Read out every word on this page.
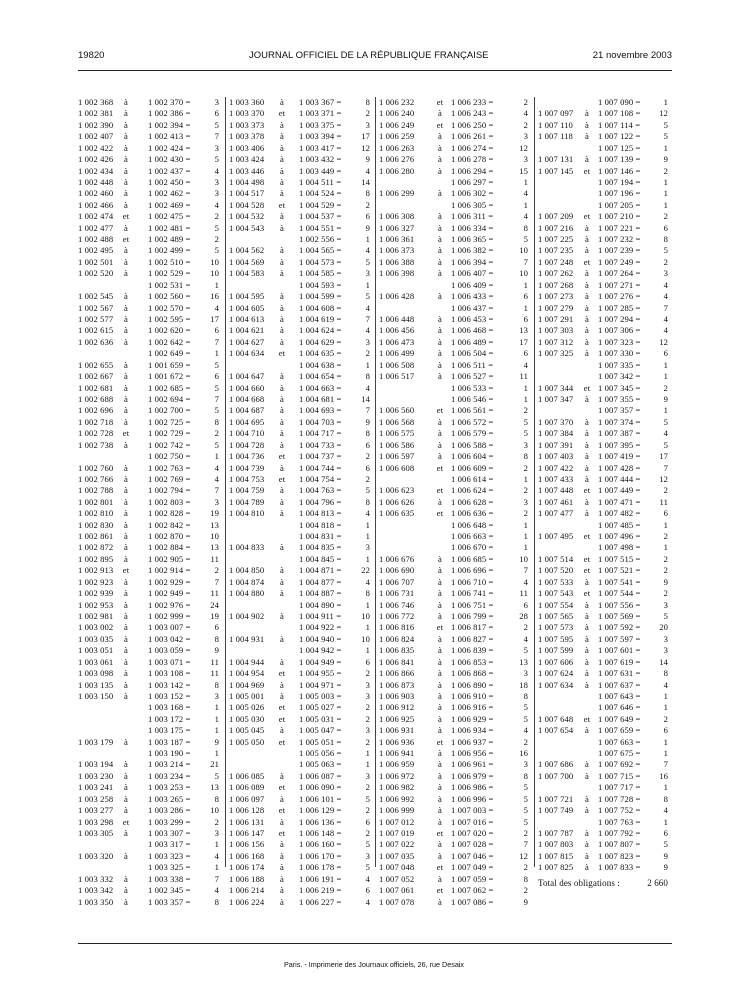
19820	JOURNAL OFFICIEL DE LA RÉPUBLIQUE FRANÇAISE	21 novembre 2003
1 002 368	à	1 002 370 =	3
1 002 381	à	1 002 386 =	6
1 002 390	à	1 002 394 =	5
1 002 407	à	1 002 413 =	7
1 002 422	à	1 002 424 =	3
1 002 426	à	1 002 430 =	5
1 002 434	à	1 002 437 =	4
1 002 448	à	1 002 450 =	3
1 002 460	à	1 002 462 =	3
1 002 466	à	1 002 469 =	4
1 002 474	et	1 002 475 =	2
1 002 477	à	1 002 481 =	5
1 002 488	et	1 002 489 =	2
1 002 495	à	1 002 499 =	5
1 002 501	à	1 002 510 = 10
1 002 520	à	1 002 529 = 10
1 002 531 =	1
1 002 545	à	1 002 560 = 16
1 002 567	à	1 002 570 =	4
1 002 577	à	1 002 595 = 17
1 002 615	à	1 002 620 =	6
1 002 636	à	1 002 642 =	7
1 002 649 =	1
1 002 655	à	1 001 659 =	5
1 002 667	à	1 001 672 =	6
1 002 681	à	1 002 685 =	5
1 002 688	à	1 002 694 =	7
1 002 696	à	1 002 700 =	5
1 002 718	à	1 002 725 =	8
1 002 728	et	1 002 729 =	2
1 002 738	à	1 002 742 =	5
1 002 750 =	1
1 002 760	à	1 002 763 =	4
1 002 766	à	1 002 769 =	4
1 002 788	à	1 002 794 =	7
1 002 801	à	1 002 803 =	3
1 002 810	à	1 002 828 = 19
1 002 830	à	1 002 842 = 13
1 002 861	à	1 002 870 = 10
1 002 872	à	1 002 884 = 13
1 002 895	à	1 002 905 = 11
1 002 913	et	1 002 914 =	2
1 002 923	à	1 002 929 =	7
1 002 939	à	1 002 949 = 11
1 002 953	à	1 002 976 = 24
1 002 981	à	1 002 999 = 19
1 003 002	à	1 003 007 =	6
1 003 035	à	1 003 042 =	8
1 003 051	à	1 003 059 =	9
1 003 061	à	1 003 071 = 11
1 003 098	à	1 003 108 = 11
1 003 135	à	1 003 142 =	8
1 003 150	à	1 003 152 =	3
1 003 168 =	1
1 003 172 =	1
1 003 175 =	1
1 003 179	à	1 003 187 =	9
1 003 190 =	1
1 003 194	à	1 003 214 = 21
1 003 230	à	1 003 234 =	5
1 003 241	à	1 003 253 = 13
1 003 258	à	1 003 265 =	8
1 003 277	à	1 003 286 = 10
1 003 298	et	1 003 299 =	2
1 003 305	à	1 003 307 =	3
1 003 317 =	1
1 003 320	à	1 003 323 =	4
1 003 325 =	1
1 003 332	à	1 003 338 =	7
1 003 342	à	1 002 345 =	4
1 003 350	à	1 003 357 =	8
1 003 360	à	1 003 367 =	8
1 003 370	et	1 003 371 =	2
1 003 373	à	1 003 375 =	3
1 003 378	à	1 003 394 = 17
1 003 406	à	1 003 417 = 12
1 003 424	à	1 003 432 =	9
1 003 446	à	1 003 449 =	4
1 004 498	à	1 004 511 = 14
1 004 517	à	1 004 524 =	8
1 004 528	et	1 004 529 =	2
1 004 532	à	1 004 537 =	6
1 004 543	à	1 004 551 =	9
1 002 556 =	1
1 004 562	à	1 004 565 =	4
1 004 569	à	1 004 573 =	5
1 004 583	à	1 004 585 =	3
1 004 593 =	1
1 004 595	à	1 004 599 =	5
1 004 605	à	1 004 608 =	4
1 004 613	à	1 004 619 =	7
1 004 621	à	1 004 624 =	4
1 004 627	à	1 004 629 =	3
1 004 634	et	1 004 635 =	2
1 004 638 =	1
1 004 647	à	1 004 654 =	8
1 004 660	à	1 004 663 =	4
1 004 668	à	1 004 681 = 14
1 004 687	à	1 004 693 =	7
1 004 695	à	1 004 703 =	9
1 004 710	à	1 004 717 =	8
1 004 728	à	1 004 733 =	6
1 004 736	et	1 004 737 =	2
1 004 739	à	1 004 744 =	6
1 004 753	et	1 004 754 =	2
1 004 759	à	1 004 763 =	5
1 004 789	à	1 004 796 =	8
1 004 810	à	1 004 813 =	4
1 004 818 =	1
1 004 831 =	1
1 004 833	à	1 004 835 =	3
1 004 845 =	1
1 004 850	à	1 004 871 = 22
1 004 874	à	1 004 877 =	4
1 004 880	à	1 004 887 =	8
1 004 890 =	1
1 004 902	à	1 004 911 = 10
1 004 922 =	1
1 004 931	à	1 004 940 = 10
1 004 942 =	1
1 004 944	à	1 004 949 =	6
1 004 954	et	1 004 955 =	2
1 004 969	à	1 004 971 =	3
1 005 001	à	1 005 003 =	3
1 005 026	et	1 005 027 =	2
1 005 030	et	1 005 031 =	2
1 005 045	à	1 005 047 =	3
1 005 050	et	1 005 051 =	2
1 005 056 =	1
1 005 063 =	1
1 006 085	à	1 006 087 =	3
1 006 089	et	1 006 090 =	2
1 006 097	à	1 006 101 =	5
1 006 128	et	1 006 129 =	2
1 006 131	à	1 006 136 =	6
1 006 147	et	1 006 148 =	2
1 006 156	à	1 006 160 =	5
1 006 168	à	1 006 170 =	3
1 006 174	à	1 006 178 =	5
1 006 188	à	1 006 191 =	4
1 006 214	à	1 006 219 =	6
1 006 224	à	1 006 227 =	4
1 006 232	et 1 006 233 =	2
1 006 240	à	1 006 243 =	4
1 006 249	et 1 006 250 =	2
1 006 259	à	1 006 261 =	3
1 006 263	à	1 006 274 =	12
1 006 276	à	1 006 278 =	3
1 006 280	à	1 006 294 =	15
1 006 297 =	1
1 006 299	à	1 006 302 =	4
1 006 305 =	1
1 006 308	à	1 006 311 =	4
1 006 327	à	1 006 334 =	8
1 006 361	à	1 006 365 =	5
1 006 373	à	1 006 382 =	10
1 006 388	à	1 006 394 =	7
1 006 398	à	1 006 407 =	10
1 006 409 =	1
1 006 428	à	1 006 433 =	6
1 006 437 =	1
1 006 448	à	1 006 453 =	6
1 006 456	à	1 006 468 =	13
1 006 473	à	1 006 489 =	17
1 006 499	à	1 006 504 =	6
1 006 508	à	1 006 511 =	4
1 006 517	à	1 006 527 =	11
1 006 533 =	1
1 006 546 =	1
1 006 560	et 1 006 561 =	2
1 006 568	à	1 006 572 =	5
1 006 575	à	1 006 579 =	5
1 006 586	à	1 006 588 =	3
1 006 597	à	1 006 604 =	8
1 006 608	et 1 006 609 =	2
1 006 614 =	1
1 006 623	et 1 006 624 =	2
1 006 626	à	1 006 628 =	3
1 006 635	et 1 006 636 =	2
1 006 648 =	1
1 006 663 =	1
1 006 670 =	1
1 006 676	à	1 006 685 =	10
1 006 690	à	1 006 696 =	7
1 006 707	à	1 006 710 =	4
1 006 731	à	1 006 741 =	11
1 006 746	à	1 006 751 =	6
1 006 772	à	1 006 799 =	28
1 006 816	et 1 006 817 =	2
1 006 824	à	1 006 827 =	4
1 006 835	à	1 006 839 =	5
1 006 841	à	1 006 853 =	13
1 006 866	à	1 006 868 =	3
1 006 873	à	1 006 890 =	18
1 006 903	à	1 006 910 =	8
1 006 912	à	1 006 916 =	5
1 006 925	à	1 006 929 =	5
1 006 931	à	1 006 934 =	4
1 006 936	et 1 006 937 =	2
1 006 941	à	1 006 956 =	16
1 006 959	à	1 006 961 =	3
1 006 972	à	1 006 979 =	8
1 006 982	à	1 006 986 =	5
1 006 992	à	1 006 996 =	5
1 006 999	à	1 007 003 =	5
1 007 012	à	1 007 016 =	5
1 007 019	et 1 007 020 =	2
1 007 022	à	1 007 028 =	7
1 007 035	à	1 007 046 =	12
1 007 048	et 1 007 049 =	2
1 007 052	à	1 007 059 =	8
1 007 061	et 1 007 062 =	2
1 007 078	à	1 007 086 =	9
1 007 090 =	1
1 007 097	à	1 007 108 = 12
1 007 110	à	1 007 114 =	5
1 007 118	à	1 007 122 =	5
1 007 125 =	1
1 007 131	à	1 007 139 =	9
1 007 145	et 1 007 146 =	2
1 007 194 =	1
1 007 196 =	1
1 007 205 =	1
1 007 209	et 1 007 210 =	2
1 007 216	à	1 007 221 =	6
1 007 225	à	1 007 232 =	8
1 007 235	à	1 007 239 =	5
1 007 248	et 1 007 249 =	2
1 007 262	à	1 007 264 =	3
1 007 268	à	1 007 271 =	4
1 007 273	à	1 007 276 =	4
1 007 279	à	1 007 285 =	7
1 007 291	à	1 007 294 =	4
1 007 303	à	1 007 306 =	4
1 007 312	à	1 007 323 = 12
1 007 325	à	1 007 330 =	6
1 007 335 =	1
1 007 342 =	1
1 007 344	et 1 007 345 =	2
1 007 347	à	1 007 355 =	9
1 007 357 =	1
1 007 370	à	1 007 374 =	5
1 007 384	à	1 007 387 =	4
1 007 391	à	1 007 395 =	5
1 007 403	à	1 007 419 = 17
1 007 422	à	1 007 428 =	7
1 007 433	à	1 007 444 = 12
1 007 448	et 1 007 449 =	2
1 007 461	à	1 007 471 = 11
1 007 477	à	1 007 482 =	6
1 007 485 =	1
1 007 495	et 1 007 496 =	2
1 007 498 =	1
1 007 514	et 1 007 515 =	2
1 007 520	et 1 007 521 =	2
1 007 533	à	1 007 541 =	9
1 007 543	et 1 007 544 =	2
1 007 554	à	1 007 556 =	3
1 007 565	à	1 007 569 =	5
1 007 573	à	1 007 592 = 20
1 007 595	à	1 007 597 =	3
1 007 599	à	1 007 601 =	3
1 007 606	à	1 007 619 = 14
1 007 624	à	1 007 631 =	8
1 007 634	à	1 007 637 =	4
1 007 643 =	1
1 007 646 =	1
1 007 648	et 1 007 649 =	2
1 007 654	à	1 007 659 =	6
1 007 663 =	1
1 007 675 =	1
1 007 686	à	1 007 692 =	7
1 007 700	à	1 007 715 = 16
1 007 717 =	1
1 007 721	à	1 007 728 =	8
1 007 749	à	1 007 752 =	4
1 007 763 =	1
1 007 787	à	1 007 792 =	6
1 007 803	à	1 007 807 =	5
1 007 815	à	1 007 823 =	9
1 007 825	à	1 007 833 =	9
Total des obligations :	2 660
Paris. - Imprimerie des Journaux officiels, 26, rue Desaix
